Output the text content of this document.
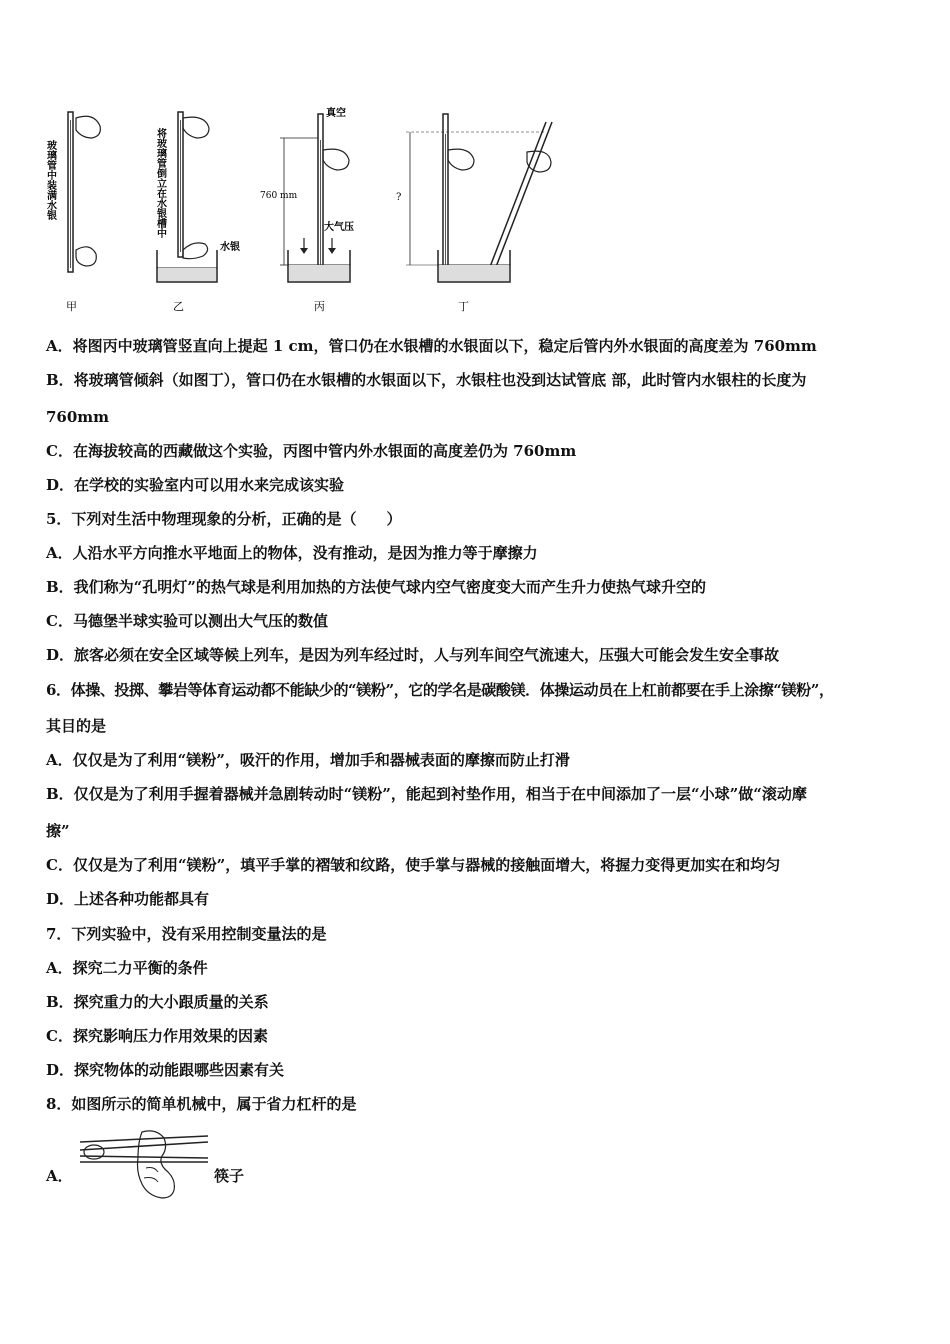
玻璃管中装满水银
甲
将玻璃管倒立在水银槽中
水银
乙
真空
760 mm
大气压
丙
?
丁
A．将图丙中玻璃管竖直向上提起 1 cm，管口仍在水银槽的水银面以下，稳定后管内外水银面的高度差为 760mm
B．将玻璃管倾斜（如图丁），管口仍在水银槽的水银面以下，水银柱也没到达试管底 部，此时管内水银柱的长度为
760mm
C．在海拔较高的西藏做这个实验，丙图中管内外水银面的高度差仍为 760mm
D．在学校的实验室内可以用水来完成该实验
5．下列对生活中物理现象的分析，正确的是（　　）
A．人沿水平方向推水平地面上的物体，没有推动，是因为推力等于摩擦力
B．我们称为“孔明灯”的热气球是利用加热的方法使气球内空气密度变大而产生升力使热气球升空的
C．马德堡半球实验可以测出大气压的数值
D．旅客必须在安全区域等候上列车，是因为列车经过时，人与列车间空气流速大，压强大可能会发生安全事故
6．体操、投掷、攀岩等体育运动都不能缺少的“镁粉”，它的学名是碳酸镁．体操运动员在上杠前都要在手上涂擦“镁粉”，
其目的是
A．仅仅是为了利用“镁粉”，吸汗的作用，增加手和器械表面的摩擦而防止打滑
B．仅仅是为了利用手握着器械并急剧转动时“镁粉”，能起到衬垫作用，相当于在中间添加了一层“小球”做“滚动摩
擦”
C．仅仅是为了利用“镁粉”，填平手掌的褶皱和纹路，使手掌与器械的接触面增大，将握力变得更加实在和均匀
D．上述各种功能都具有
7．下列实验中，没有采用控制变量法的是
A．探究二力平衡的条件
B．探究重力的大小跟质量的关系
C．探究影响压力作用效果的因素
D．探究物体的动能跟哪些因素有关
8．如图所示的简单机械中，属于省力杠杆的是
A．	筷子
